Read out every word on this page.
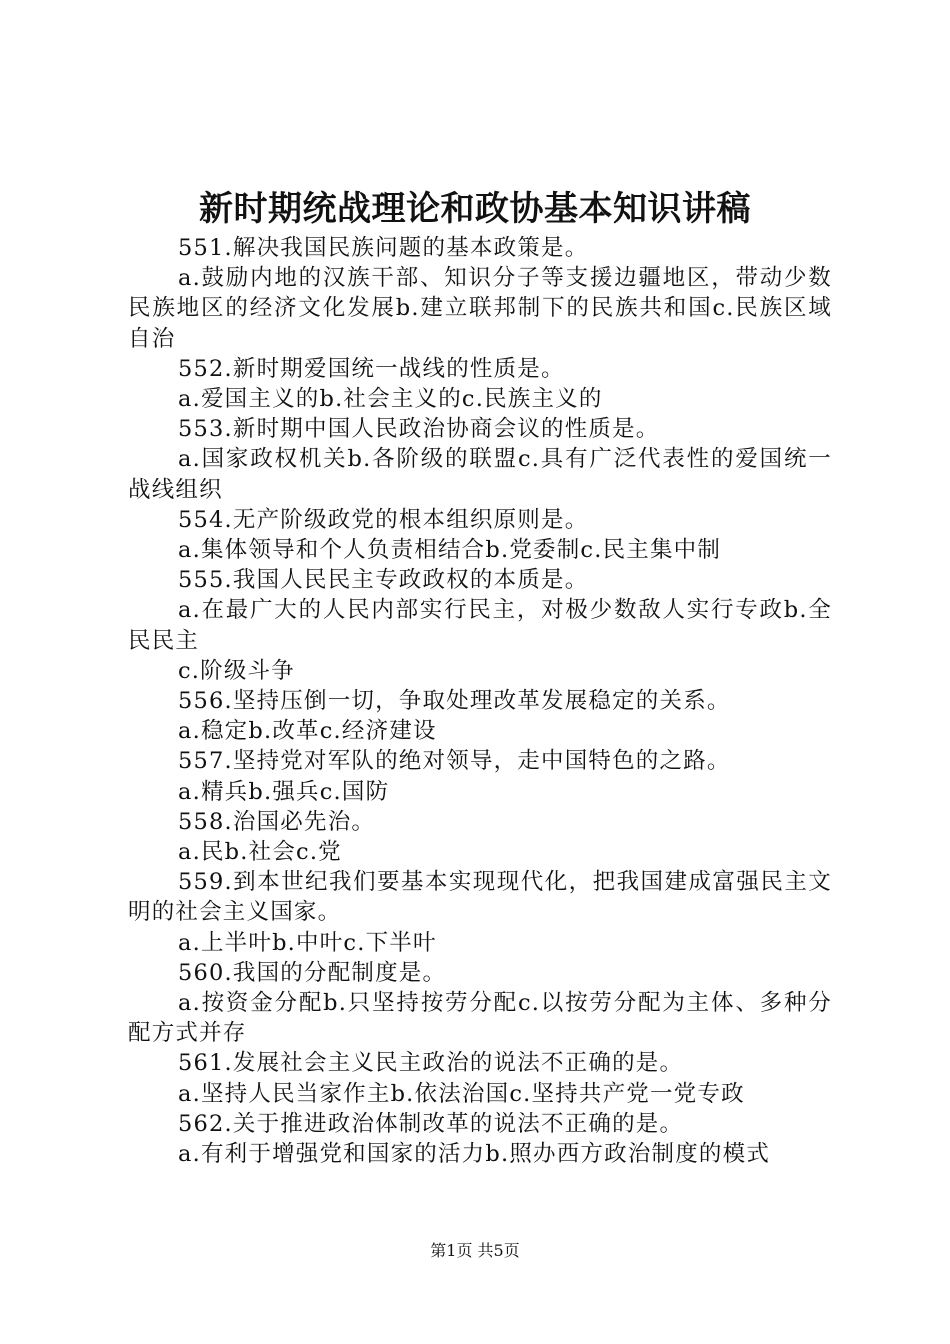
新时期统战理论和政协基本知识讲稿

551.解决我国民族问题的基本政策是。

a.鼓励内地的汉族干部、知识分子等支援边疆地区，带动少数民族地区的经济文化发展b.建立联邦制下的民族共和国c.民族区域自治

552.新时期爱国统一战线的性质是。

a.爱国主义的b.社会主义的c.民族主义的

553.新时期中国人民政治协商会议的性质是。

a.国家政权机关b.各阶级的联盟c.具有广泛代表性的爱国统一战线组织

554.无产阶级政党的根本组织原则是。

a.集体领导和个人负责相结合b.党委制c.民主集中制

555.我国人民民主专政政权的本质是。

a.在最广大的人民内部实行民主，对极少数敌人实行专政b.全民民主

c.阶级斗争

556.坚持压倒一切，争取处理改革发展稳定的关系。

a.稳定b.改革c.经济建设

557.坚持党对军队的绝对领导，走中国特色的之路。

a.精兵b.强兵c.国防

558.治国必先治。

a.民b.社会c.党

559.到本世纪我们要基本实现现代化，把我国建成富强民主文明的社会主义国家。

a.上半叶b.中叶c.下半叶

560.我国的分配制度是。

a.按资金分配b.只坚持按劳分配c.以按劳分配为主体、多种分配方式并存

561.发展社会主义民主政治的说法不正确的是。

a.坚持人民当家作主b.依法治国c.坚持共产党一党专政

562.关于推进政治体制改革的说法不正确的是。

a.有利于增强党和国家的活力b.照办西方政治制度的模式

第1页 共5页
